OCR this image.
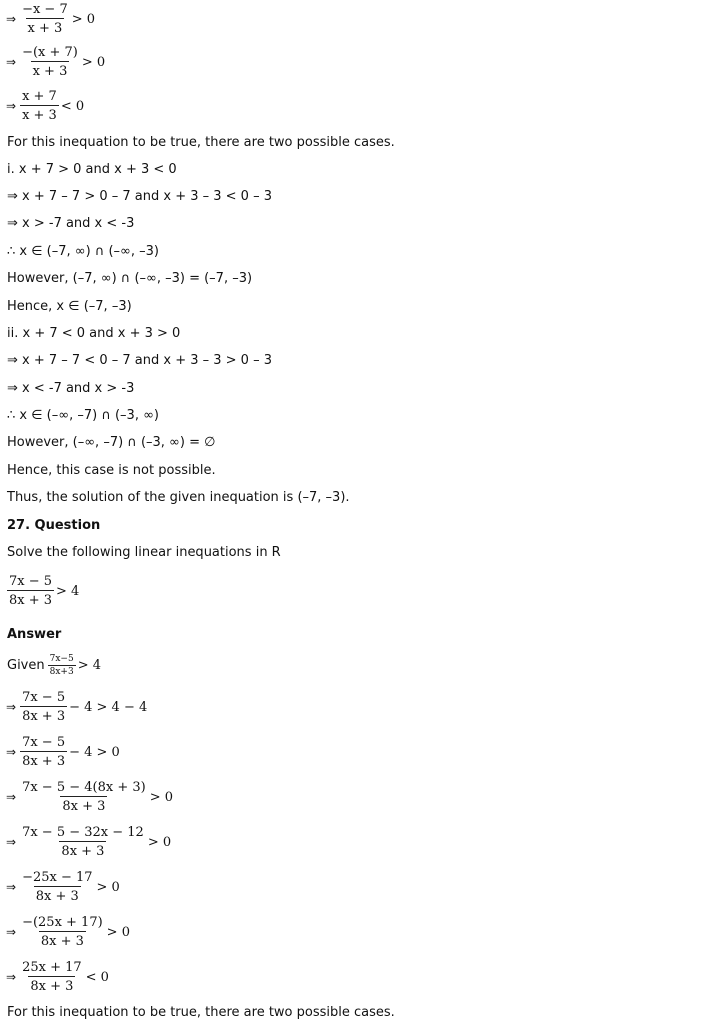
⇒ $\frac{-x - 7}{x + 3} > 0$
⇒ $\frac{-(x + 7)}{x + 3} > 0$
⇒ $\frac{x + 7}{x + 3} < 0$
For this inequation to be true, there are two possible cases.
i. x + 7 > 0 and x + 3 < 0
⇒ x + 7 – 7 > 0 – 7 and x + 3 – 3 < 0 – 3
⇒ x > -7 and x < -3
∴ x ∈ (–7, ∞) ∩ (–∞, –3)
However, (–7, ∞) ∩ (–∞, –3) = (–7, –3)
Hence, x ∈ (–7, –3)
ii. x + 7 < 0 and x + 3 > 0
⇒ x + 7 – 7 < 0 – 7 and x + 3 – 3 > 0 – 3
⇒ x < -7 and x > -3
∴ x ∈ (–∞, –7) ∩ (–3, ∞)
However, (–∞, –7) ∩ (–3, ∞) = ∅
Hence, this case is not possible.
Thus, the solution of the given inequation is (–7, –3).
27. Question
Solve the following linear inequations in R
$\frac{7x - 5}{8x + 3} > 4$
Answer
Given $\frac{7x-5}{8x+3} > 4$
⇒ $\frac{7x - 5}{8x + 3} - 4 > 4 - 4$
⇒ $\frac{7x - 5}{8x + 3} - 4 > 0$
⇒ $\frac{7x - 5 - 4(8x + 3)}{8x + 3} > 0$
⇒ $\frac{7x - 5 - 32x - 12}{8x + 3} > 0$
⇒ $\frac{-25x - 17}{8x + 3} > 0$
⇒ $\frac{-(25x + 17)}{8x + 3} > 0$
⇒ $\frac{25x + 17}{8x + 3} < 0$
For this inequation to be true, there are two possible cases.
